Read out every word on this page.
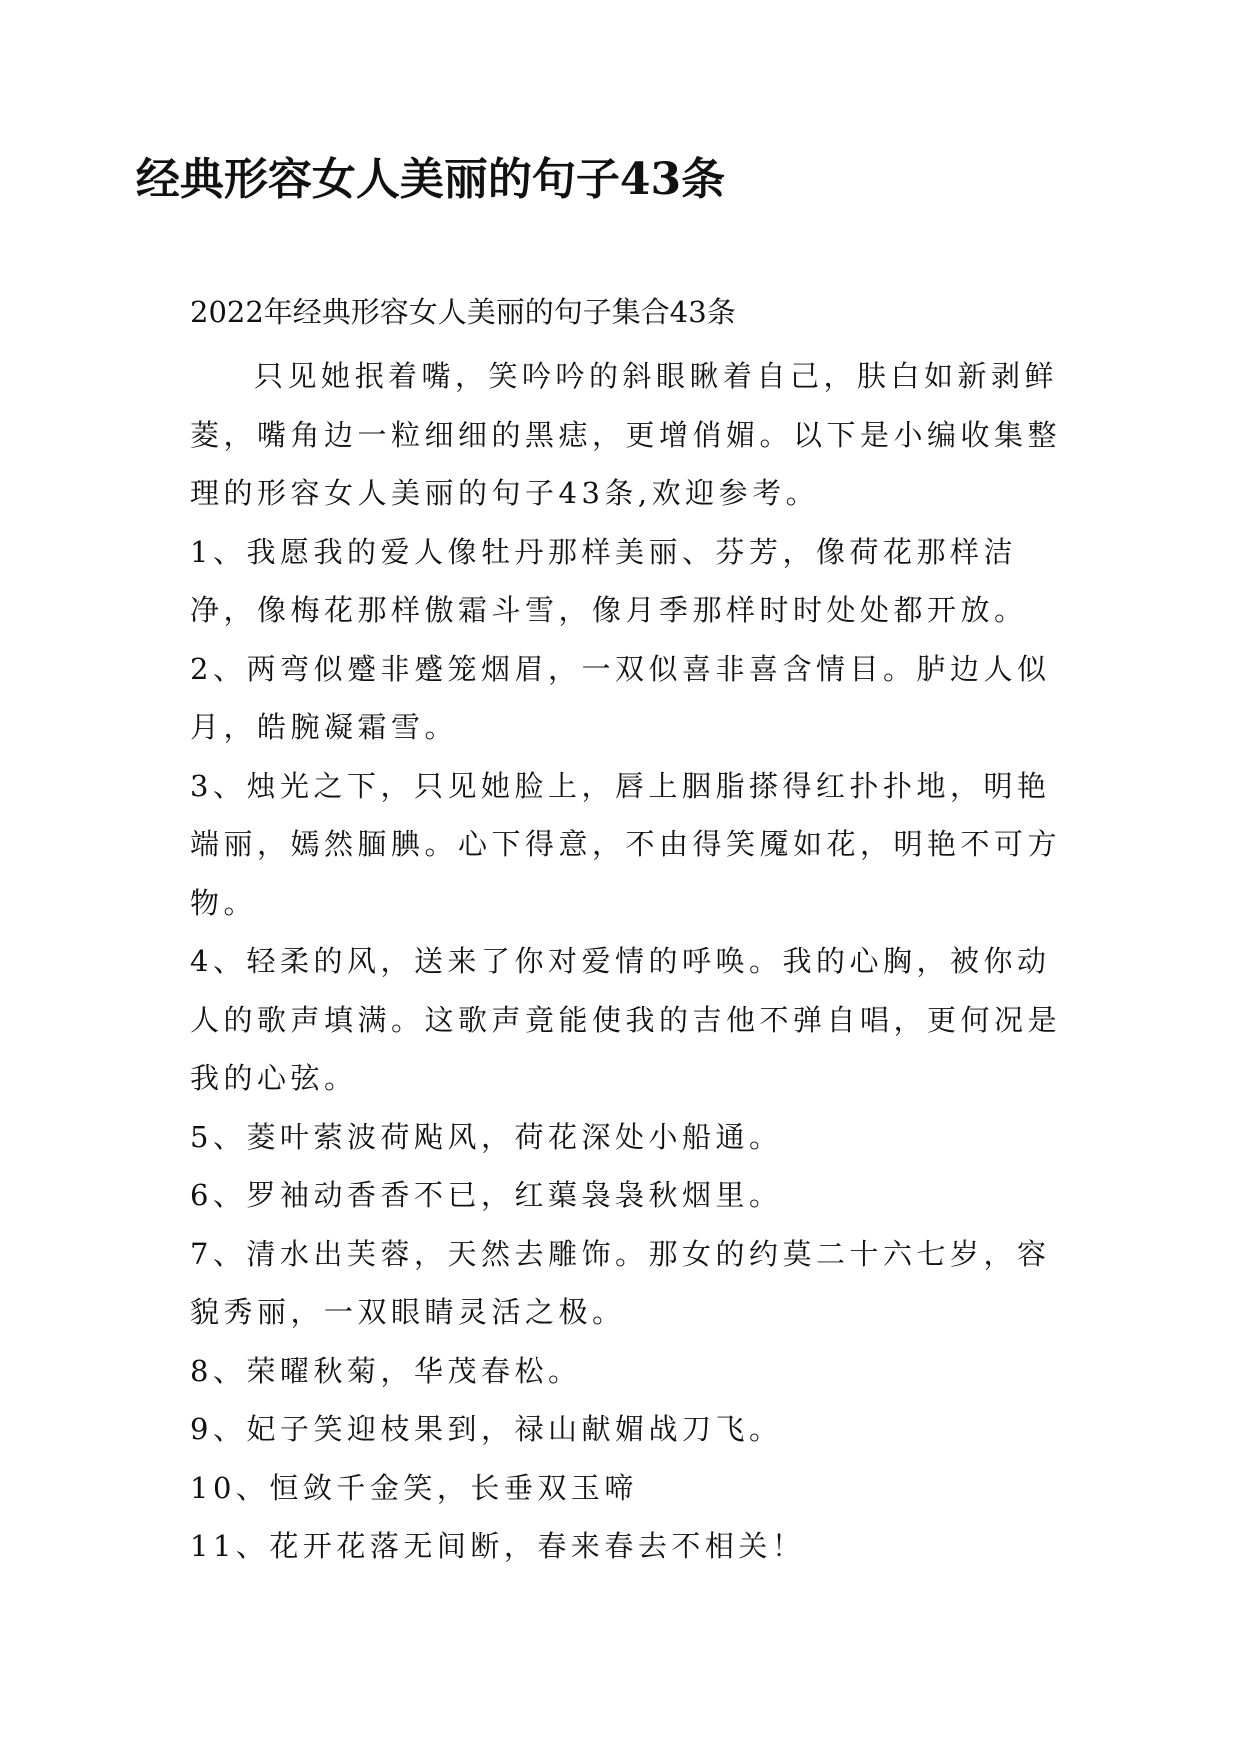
经典形容女人美丽的句子43条

2022年经典形容女人美丽的句子集合43条

只见她抿着嘴，笑吟吟的斜眼瞅着自己，肤白如新剥鲜菱，嘴角边一粒细细的黑痣，更增俏媚。以下是小编收集整理的形容女人美丽的句子43条,欢迎参考。

1、我愿我的爱人像牡丹那样美丽、芬芳，像荷花那样洁净，像梅花那样傲霜斗雪，像月季那样时时处处都开放。

2、两弯似蹙非蹙笼烟眉，一双似喜非喜含情目。胪边人似月，皓腕凝霜雪。

3、烛光之下，只见她脸上，唇上胭脂搽得红扑扑地，明艳端丽，嫣然腼腆。心下得意，不由得笑魇如花，明艳不可方物。

4、轻柔的风，送来了你对爱情的呼唤。我的心胸，被你动人的歌声填满。这歌声竟能使我的吉他不弹自唱，更何况是我的心弦。

5、菱叶萦波荷飐风，荷花深处小船通。

6、罗袖动香香不已，红蕖袅袅秋烟里。

7、清水出芙蓉，天然去雕饰。那女的约莫二十六七岁，容貌秀丽，一双眼睛灵活之极。

8、荣曜秋菊，华茂春松。

9、妃子笑迎枝果到，禄山献媚战刀飞。

10、恒敛千金笑，长垂双玉啼

11、花开花落无间断，春来春去不相关！
